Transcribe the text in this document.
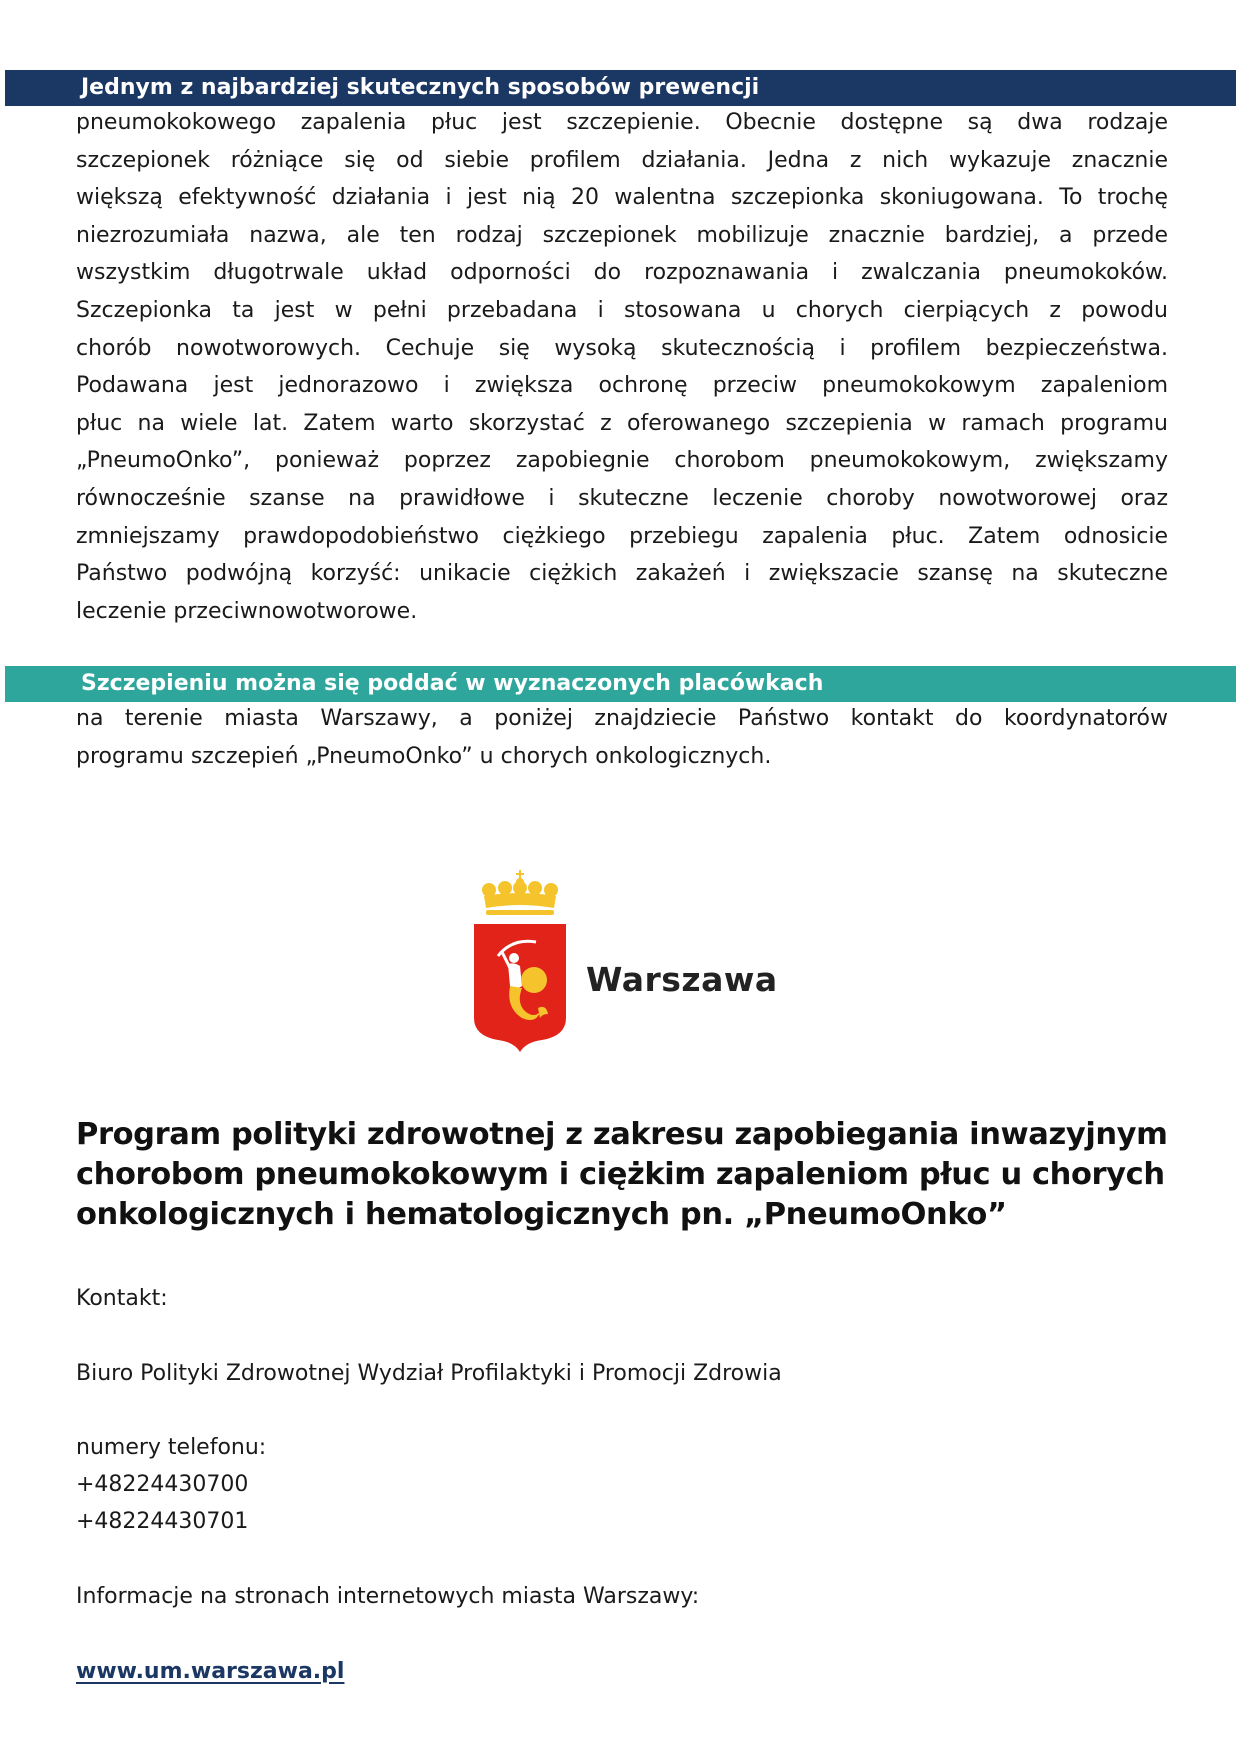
Jednym z najbardziej skutecznych sposobów prewencji
pneumokokowego zapalenia płuc jest szczepienie. Obecnie dostępne są dwa rodzaje
szczepionek różniące się od siebie profilem działania. Jedna z nich wykazuje znacznie
większą efektywność działania i jest nią 20 walentna szczepionka skoniugowana. To trochę
niezrozumiała nazwa, ale ten rodzaj szczepionek mobilizuje znacznie bardziej, a przede
wszystkim długotrwale układ odporności do rozpoznawania i zwalczania pneumokoków.
Szczepionka ta jest w pełni przebadana i stosowana u chorych cierpiących z powodu
chorób nowotworowych. Cechuje się wysoką skutecznością i profilem bezpieczeństwa.
Podawana jest jednorazowo i zwiększa ochronę przeciw pneumokokowym zapaleniom
płuc na wiele lat. Zatem warto skorzystać z oferowanego szczepienia w ramach programu
„PneumoOnko”, ponieważ poprzez zapobiegnie chorobom pneumokokowym, zwiększamy
równocześnie szanse na prawidłowe i skuteczne leczenie choroby nowotworowej oraz
zmniejszamy prawdopodobieństwo ciężkiego przebiegu zapalenia płuc. Zatem odnosicie
Państwo podwójną korzyść: unikacie ciężkich zakażeń i zwiększacie szansę na skuteczne
leczenie przeciwnowotworowe.
Szczepieniu można się poddać w wyznaczonych placówkach
na terenie miasta Warszawy, a poniżej znajdziecie Państwo kontakt do koordynatorów
programu szczepień „PneumoOnko” u chorych onkologicznych.
Warszawa
Program polityki zdrowotnej z zakresu zapobiegania inwazyjnym
chorobom pneumokokowym i ciężkim zapaleniom płuc u chorych
onkologicznych i hematologicznych pn. „PneumoOnko”
Kontakt:
Biuro Polityki Zdrowotnej Wydział Profilaktyki i Promocji Zdrowia
numery telefonu:
+48224430700
+48224430701
Informacje na stronach internetowych miasta Warszawy:
www.um.warszawa.pl
